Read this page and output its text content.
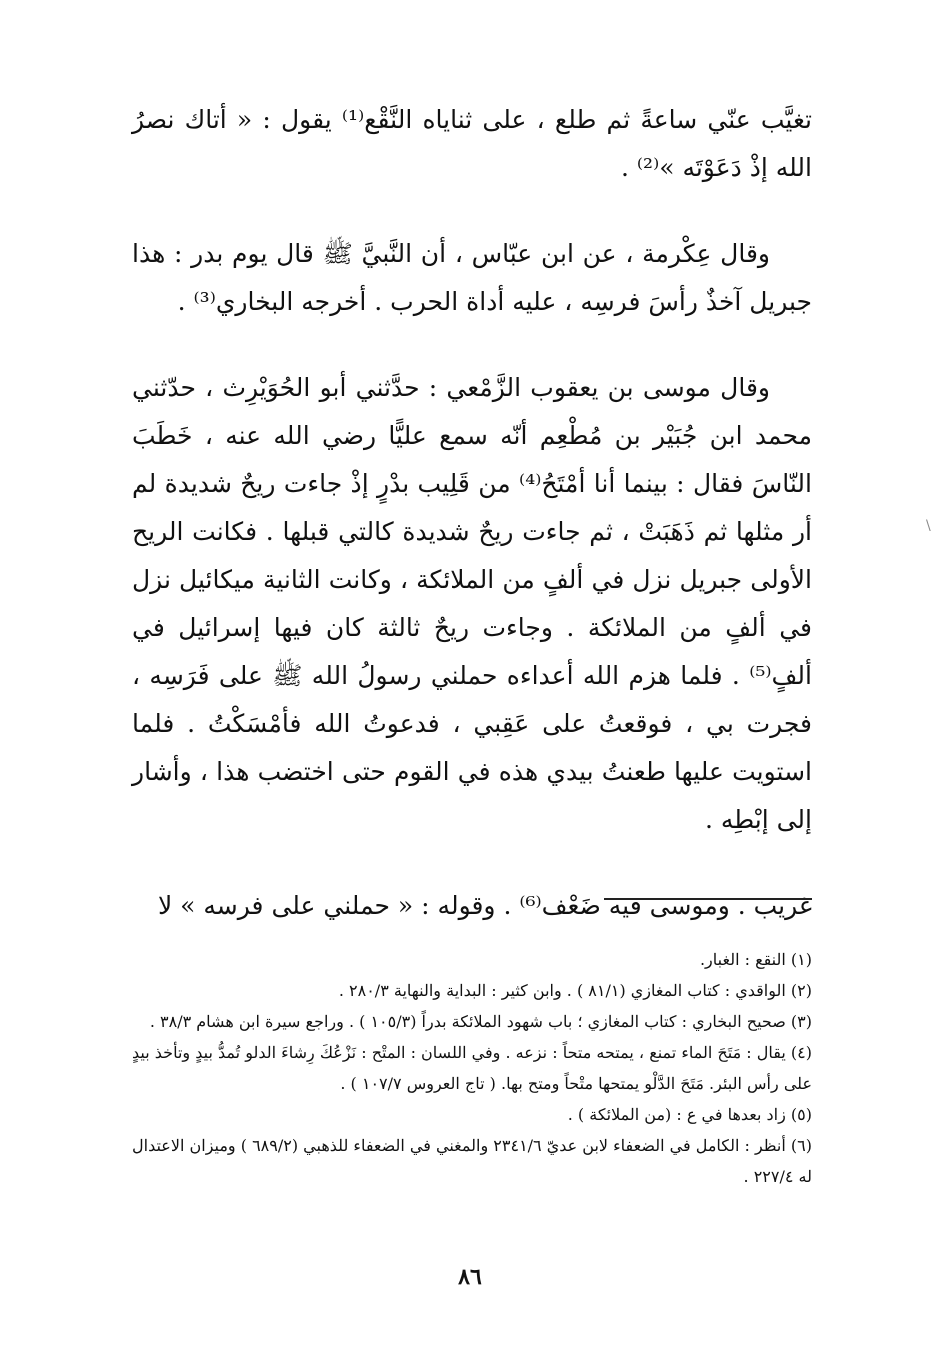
تغيَّب عنّي ساعةً ثم طلع ، على ثناياه النَّقْع⁽¹⁾ يقول : « أتاك نصرُ الله إذْ دَعَوْتَه »⁽²⁾ .

وقال عِكْرمة ، عن ابن عبّاس ، أن النَّبيَّ ﷺ قال يوم بدر : هذا جبريل آخذٌ رأسَ فرسِه ، عليه أداة الحرب . أخرجه البخاري⁽³⁾ .

وقال موسى بن يعقوب الزَّمْعي : حدَّثني أبو الحُوَيْرِث ، حدّثني محمد ابن جُبَيْر بن مُطْعِم أنّه سمع عليًّا رضي الله عنه ، خَطَبَ النّاسَ فقال : بينما أنا أمْتَحُ⁽⁴⁾ من قَلِيب بدْرٍ إذْ جاءت ريحٌ شديدة لم أر مثلها ثم ذَهَبَتْ ، ثم جاءت ريحٌ شديدة كالتي قبلها . فكانت الريح الأولى جبريل نزل في ألفٍ من الملائكة ، وكانت الثانية ميكائيل نزل في ألفٍ من الملائكة . وجاءت ريحٌ ثالثة كان فيها إسرائيل في ألفٍ⁽⁵⁾ . فلما هزم الله أعداءه حملني رسولُ الله ﷺ على فَرَسِه ، فجرت بي ، فوقعتُ على عَقِبي ، فدعوتُ الله فأمْسَكْتُ . فلما استويت عليها طعنتُ بيدي هذه في القوم حتى اختضب هذا ، وأشار إلى إبْطِه .

غريب . وموسى فيه ضَعْف⁽⁶⁾ . وقوله : « حملني على فرسه » لا

(١) النقع : الغبار.

(٢) الواقدي : كتاب المغازي (٨١/١ ) . وابن كثير : البداية والنهاية ٢٨٠/٣ .

(٣) صحيح البخاري : كتاب المغازي ؛ باب شهود الملائكة بدراً (١٠٥/٣ ) . وراجع سيرة ابن هشام ٣٨/٣ .

(٤) يقال : مَتَحَ الماء تمنع ، يمتحه متحاً : نزعه . وفي اللسان : المتْح : نَزْعُكَ رِشاءَ الدلو تُمدُّ بيدٍ وتأخذ بيدٍ على رأس البئر. مَتَحَ الدَّلْو يمتحها متْحاً ومتح بها. ( تاج العروس ١٠٧/٧ ) .

(٥) زاد بعدها في ع : (من الملائكة ) .

(٦) أنظر : الكامل في الضعفاء لابن عديّ ٢٣٤١/٦ والمغني في الضعفاء للذهبي (٦٨٩/٢ ) وميزان الاعتدال له ٢٢٧/٤ .

٨٦
\
